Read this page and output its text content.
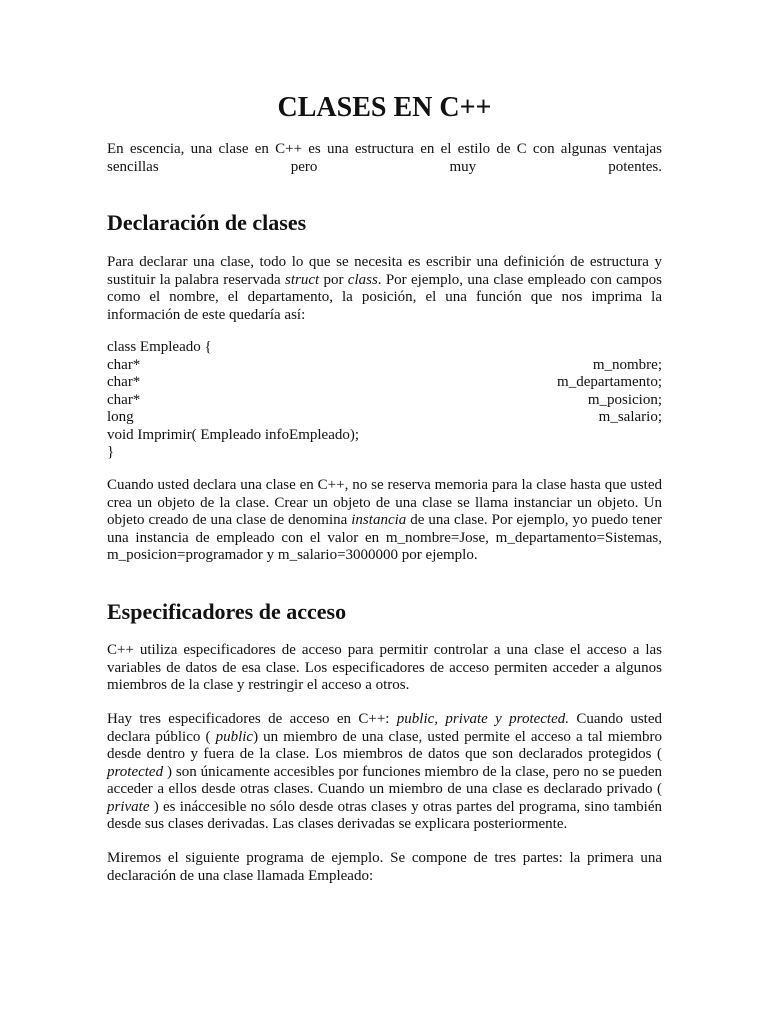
CLASES EN C++
En escencia, una clase en C++ es una estructura en el estilo de C con algunas ventajas
sencillas pero muy potentes.
Declaración de clases

Para declarar una clase, todo lo que se necesita es escribir una definición de estructura y sustituir la palabra reservada struct por class. Por ejemplo, una clase empleado con campos como el nombre, el departamento, la posición, el una función que nos imprima la información de este quedaría así:

class Empleado {
char*	m_nombre;
char*	m_departamento;
char*	m_posicion;
long	m_salario;
void Imprimir( Empleado infoEmpleado);
}

Cuando usted declara una clase en C++, no se reserva memoria para la clase hasta que usted crea un objeto de la clase. Crear un objeto de una clase se llama instanciar un objeto. Un objeto creado de una clase de denomina instancia de una clase. Por ejemplo, yo puedo tener una instancia de empleado con el valor en m_nombre=Jose, m_departamento=Sistemas, m_posicion=programador y m_salario=3000000 por ejemplo.

Especificadores de acceso

C++ utiliza especificadores de acceso para permitir controlar a una clase el acceso a las variables de datos de esa clase. Los especificadores de acceso permiten acceder a algunos miembros de la clase y restringir el acceso a otros.

Hay tres especificadores de acceso en C++: public, private y protected. Cuando usted declara público ( public) un miembro de una clase, usted permite el acceso a tal miembro desde dentro y fuera de la clase. Los miembros de datos que son declarados protegidos ( protected ) son únicamente accesibles por funciones miembro de la clase, pero no se pueden acceder a ellos desde otras clases. Cuando un miembro de una clase es declarado privado ( private ) es ináccesible no sólo desde otras clases y otras partes del programa, sino también desde sus clases derivadas. Las clases derivadas se explicara posteriormente.

Miremos el siguiente programa de ejemplo. Se compone de tres partes: la primera una declaración de una clase llamada Empleado:
